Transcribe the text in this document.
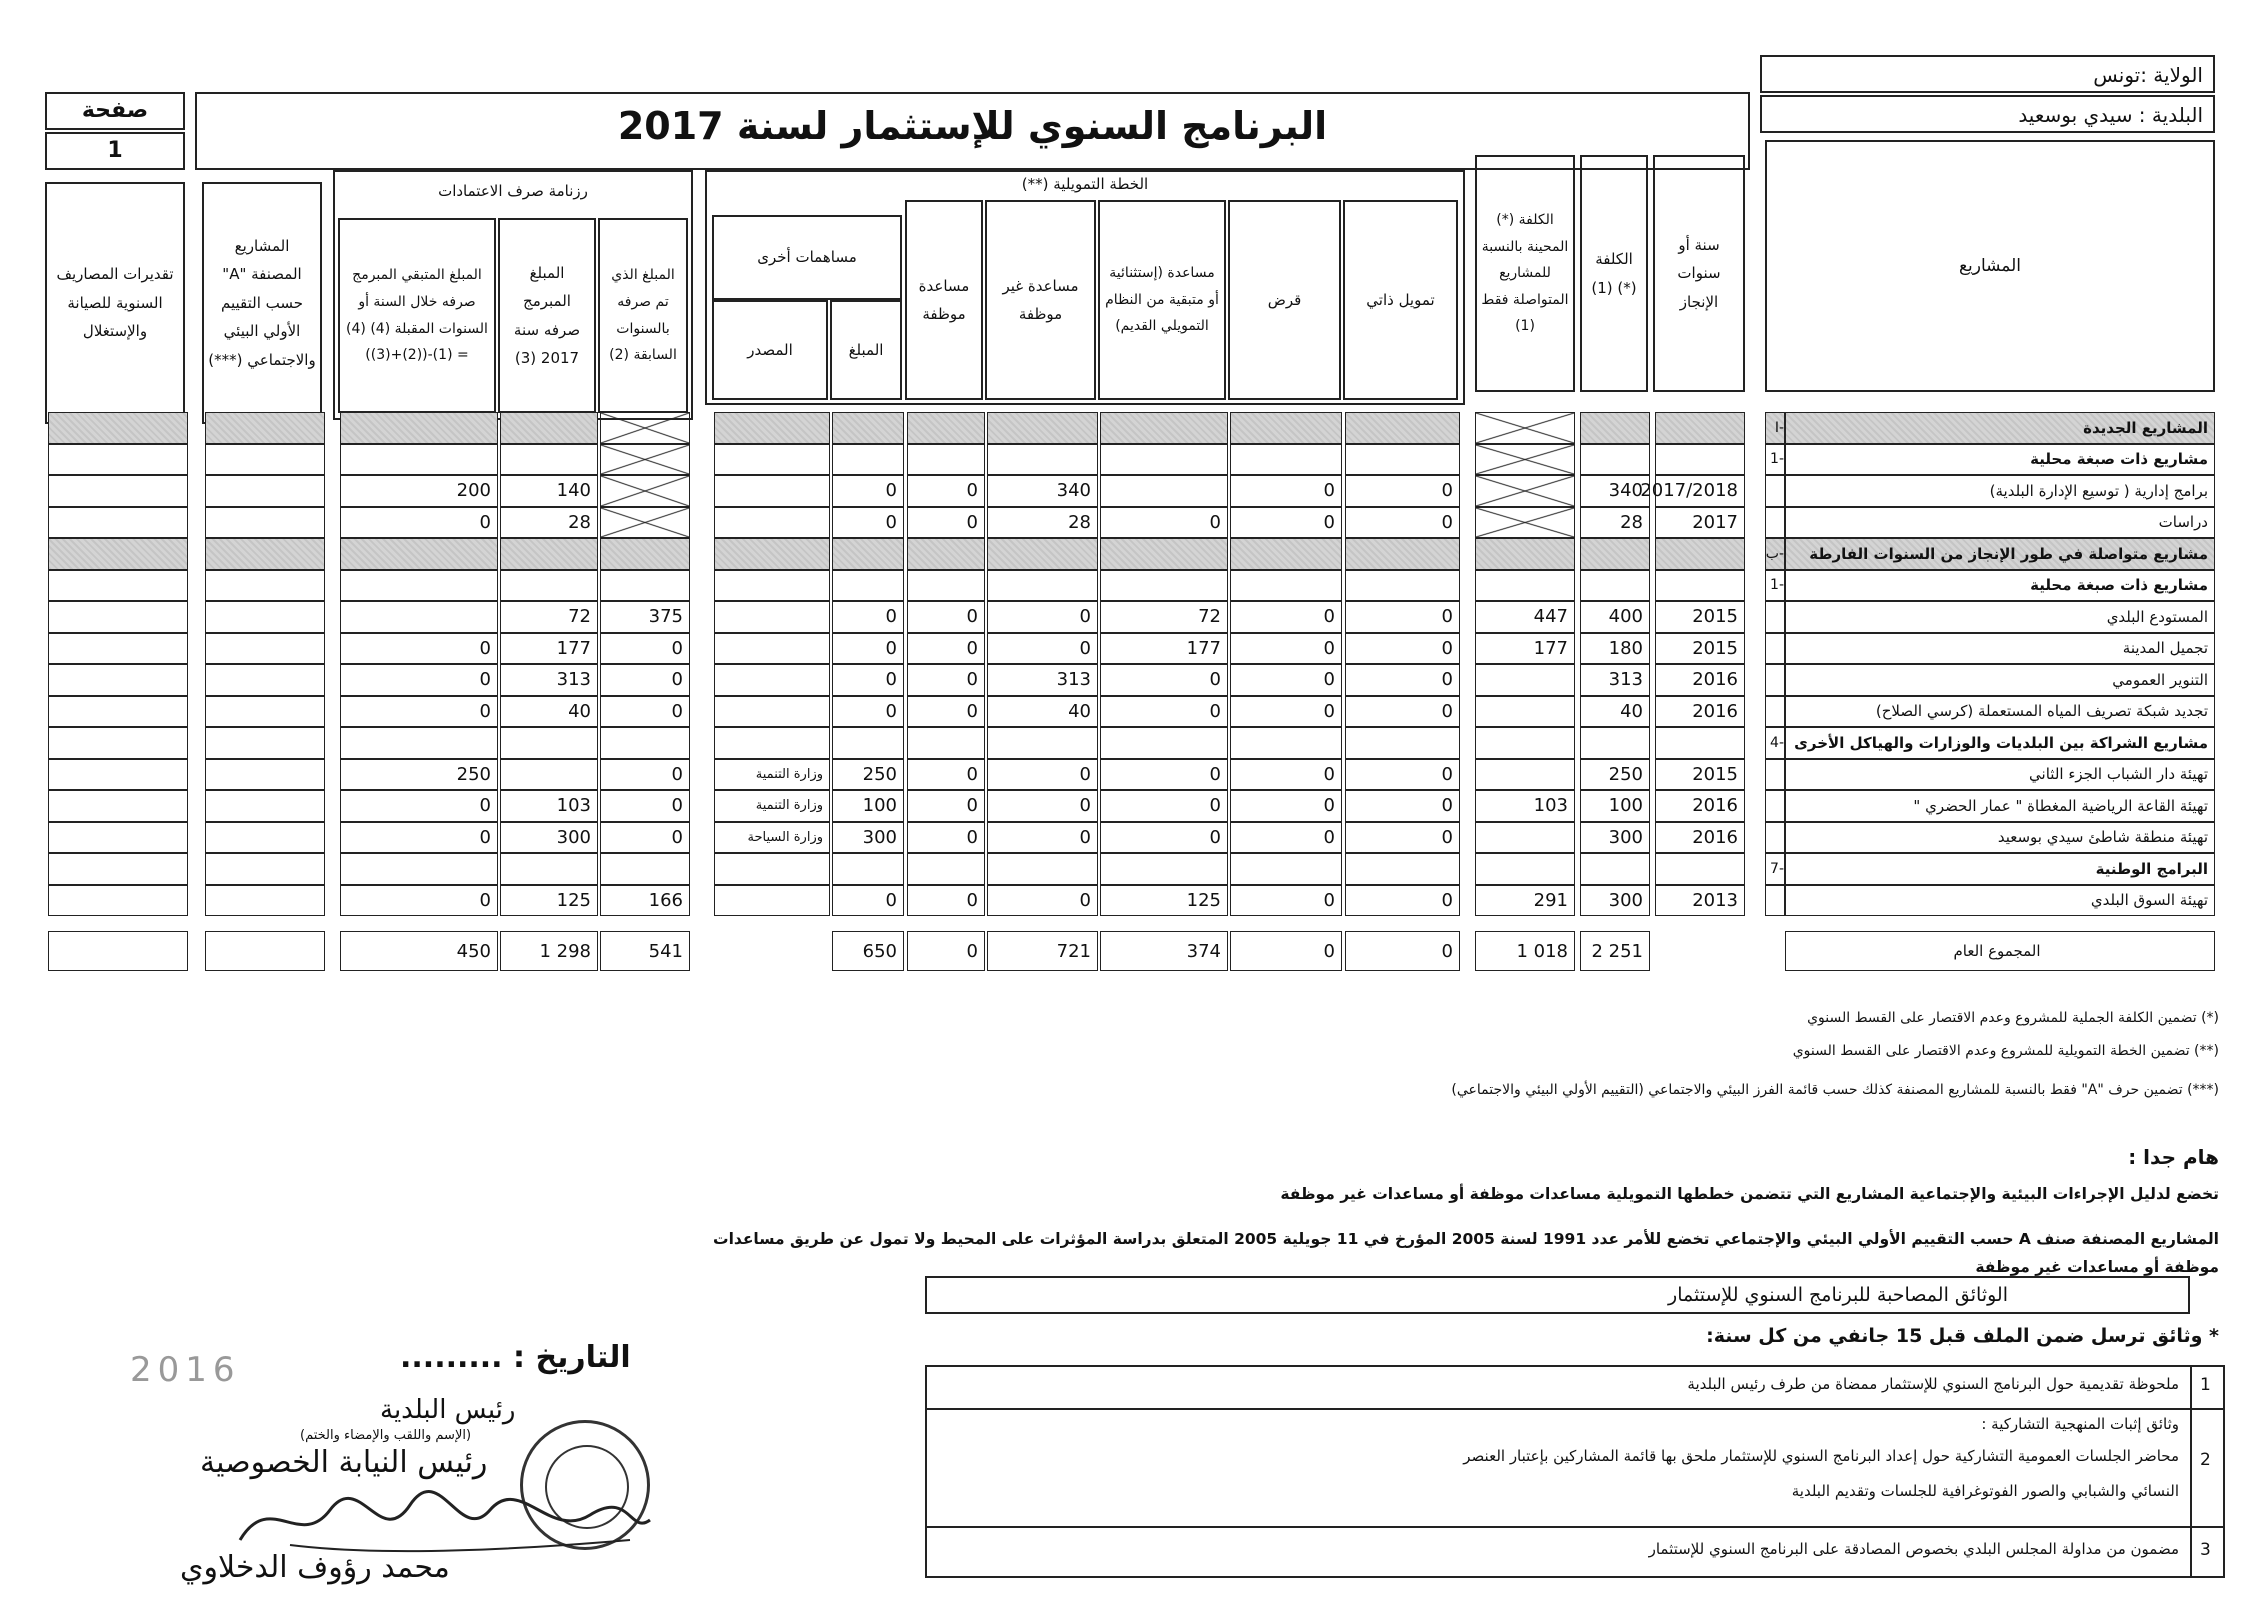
الولاية :تونس
البلدية : سيدي بوسعيد
البرنامج السنوي للإستثمار لسنة 2017
صفحة
1
المشاريع
سنة أو سنوات الإنجاز
الكلفة (*) (1)
الكلفة (*) المحينة بالنسبة للمشاريع المتواصلة فقط (1)
الخطة التمويلية (**)
تمويل ذاتي
قرض
مساعدة (إستثنائية أو متبقية من النظام التمويلي القديم)
مساعدة غير موظفة
مساعدة موظفة
مساهمات أخرى
المبلغ
المصدر
رزنامة صرف الاعتمادات
المبلغ الذي تم صرفه بالسنوات السابقة (2)
المبلغ المبرمج صرفه سنة 2017 (3)
المبلغ المتبقي المبرمج صرفه خلال السنة أو السنوات المقبلة (4) (4) = (1)-((2)+(3))
المشاريع المصنفة "A" حسب التقييم الأولي البيئي والاجتماعي (***)
تقديرات المصاريف السنوية للصيانة والإستغلال
المشاريع الجديدة
I-
مشاريع ذات صبغة محلية
1-
برامج إدارية ( توسيع الإدارة البلدية)
2017/2018
340
0
0
340
0
0
140
200
دراسات
2017
28
0
0
0
28
0
0
28
0
مشاريع متواصلة في طور الإنجاز من السنوات الفارطة
ب-
مشاريع ذات صبغة محلية
1-
المستودع البلدي
2015
400
447
0
0
72
0
0
0
375
72
تجميل المدينة
2015
180
177
0
0
177
0
0
0
0
177
0
التنوير العمومي
2016
313
0
0
0
313
0
0
0
313
0
تجديد شبكة تصريف المياه المستعملة (كرسي الصلاح)
2016
40
0
0
0
40
0
0
0
40
0
مشاريع الشراكة بين البلديات والوزارات والهياكل الأخرى
4-
تهيئة دار الشباب الجزء الثاني
2015
250
0
0
0
0
0
250
وزارة التنمية
0
250
تهيئة القاعة الرياضية المغطاة " عمار الحضري "
2016
100
103
0
0
0
0
0
100
وزارة التنمية
0
103
0
تهيئة منطقة شاطئ سيدي بوسعيد
2016
300
0
0
0
0
0
300
وزارة السياحة
0
300
0
البرامج الوطنية
7-
تهيئة السوق البلدي
2013
300
291
0
0
125
0
0
0
166
125
0
المجموع العام
2 251
1 018
0
0
374
721
0
650
541
1 298
450
(*) تضمين الكلفة الجملية للمشروع وعدم الاقتصار على القسط السنوي
(**) تضمين الخطة التمويلية للمشروع وعدم الاقتصار على القسط السنوي
(***) تضمين حرف "A" فقط بالنسبة للمشاريع المصنفة كذلك حسب قائمة الفرز البيئي والاجتماعي (التقييم الأولي البيئي والاجتماعي)
هام جدا :
تخضع لدليل الإجراءات البيئية والإجتماعية المشاريع التي تتضمن خططها التمويلية مساعدات موظفة أو مساعدات غير موظفة
المشاريع المصنفة صنف A حسب التقييم الأولي البيئي والإجتماعي تخضع للأمر عدد 1991 لسنة 2005 المؤرخ في 11 جويلية 2005 المتعلق بدراسة المؤثرات على المحيط ولا تمول عن طريق مساعدات موظفة أو مساعدات غير موظفة
الوثائق المصاحبة للبرنامج السنوي للإستثمار
* وثائق ترسل ضمن الملف قبل 15 جانفي من كل سنة:
1
ملحوظة تقديمية حول البرنامج السنوي للإستثمار ممضاة من طرف رئيس البلدية
2
وثائق إثبات المنهجية التشاركية :
محاضر الجلسات العمومية التشاركية حول إعداد البرنامج السنوي للإستثمار ملحق بها قائمة المشاركين بإعتبار العنصر
النسائي والشبابي والصور الفوتوغرافية للجلسات وتقديم البلدية
3
مضمون من مداولة المجلس البلدي بخصوص المصادقة على البرنامج السنوي للإستثمار
التاريخ : .........
2016
رئيس البلدية
(الإسم واللقب والإمضاء والختم)
رئيس النيابة الخصوصية
محمد رؤوف الدخلاوي
